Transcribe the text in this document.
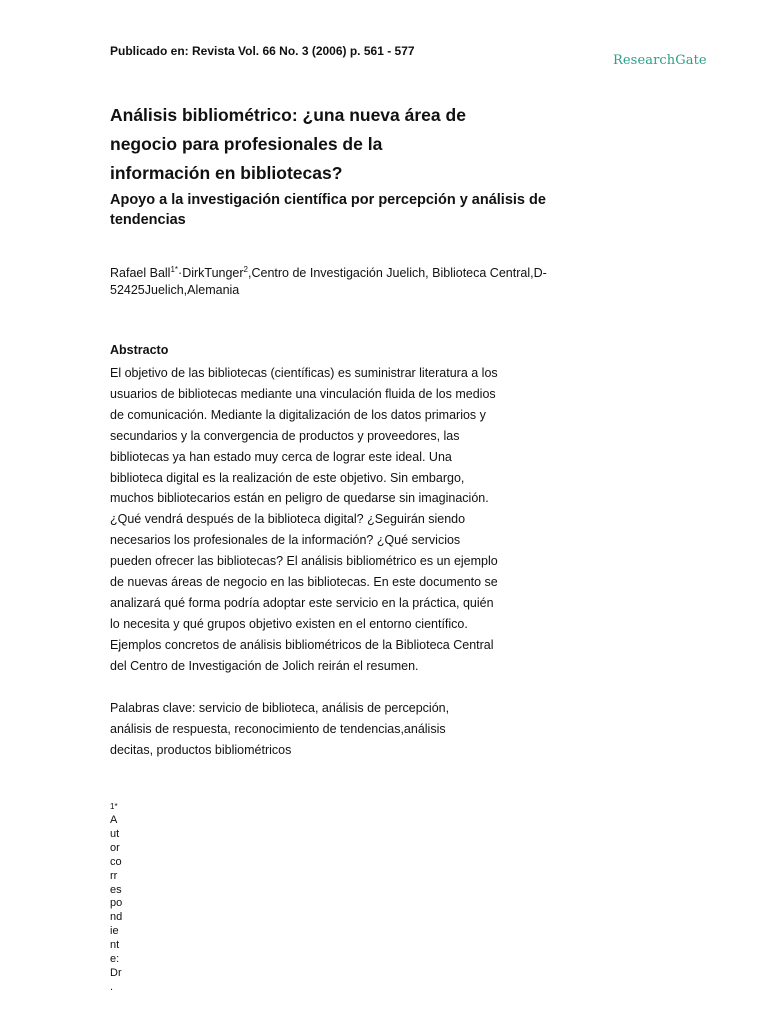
Publicado en: Revista Vol. 66 No. 3 (2006) p. 561 - 577
ResearchGate
Análisis bibliométrico: ¿una nueva área de
negocio para profesionales de la
información en bibliotecas?
Apoyo a la investigación científica por percepción y análisis de
tendencias
Rafael Ball$^{1*}$·DirkTunger$^2$,Centro de Investigación Juelich, Biblioteca Central,D-
52425Juelich,Alemania
Abstracto
El objetivo de las bibliotecas (científicas) es suministrar literatura a los
usuarios de bibliotecas mediante una vinculación fluida de los medios
de comunicación. Mediante la digitalización de los datos primarios y
secundarios y la convergencia de productos y proveedores, las
bibliotecas ya han estado muy cerca de lograr este ideal. Una
biblioteca digital es la realización de este objetivo. Sin embargo,
muchos bibliotecarios están en peligro de quedarse sin imaginación.
¿Qué vendrá después de la biblioteca digital? ¿Seguirán siendo
necesarios los profesionales de la información? ¿Qué servicios
pueden ofrecer las bibliotecas? El análisis bibliométrico es un ejemplo
de nuevas áreas de negocio en las bibliotecas. En este documento se
analizará qué forma podría adoptar este servicio en la práctica, quién
lo necesita y qué grupos objetivo existen en el entorno científico.
Ejemplos concretos de análisis bibliométricos de la Biblioteca Central
del Centro de Investigación de Jolich reirán el resumen.
Palabras clave: servicio de biblioteca, análisis de percepción,
análisis de respuesta, reconocimiento de tendencias,análisis
decitas, productos bibliométricos
1*
A
ut
or
co
rr
es
po
nd
ie
nt
e:
Dr
.
